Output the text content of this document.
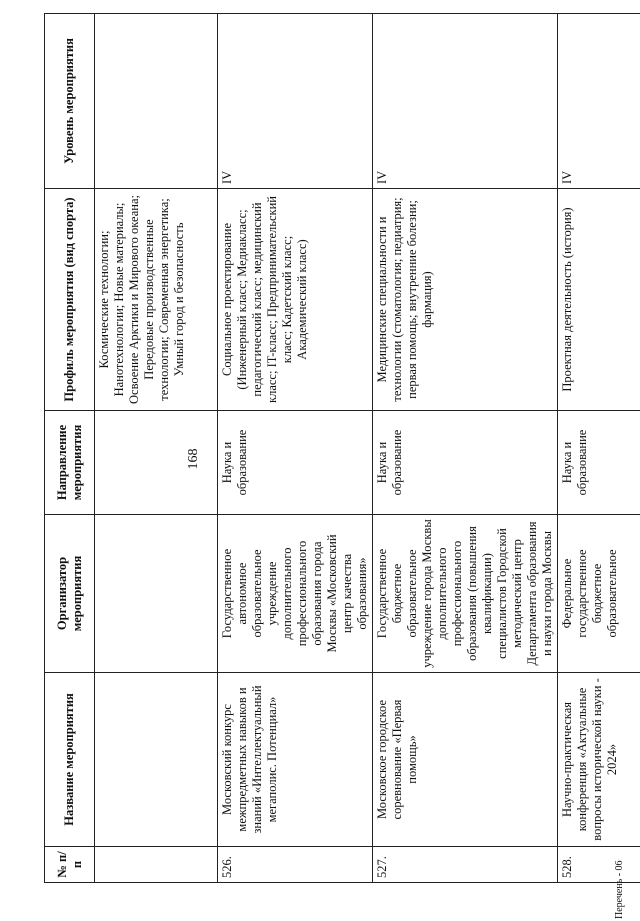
168
№ п/п	Название мероприятия	Организатор мероприятия	Направление мероприятия	Профиль мероприятия (вид спорта)	Уровень мероприятия
				Космические технологии; Нанотехнологии; Новые материалы; Освоение Арктики и Мирового океана; Передовые производственные технологии; Современная энергетика; Умный город и безопасность	
526.	Московский конкурс межпредметных навыков и знаний «Интеллектуальный мегаполис. Потенциал»	Государственное автономное образовательное учреждение дополнительного профессионального образования города Москвы «Московский центр качества образования»	Наука и образование	Социальное проектирование (Инженерный класс; Медиакласс; педагогический класс; медицинский класс; IT-класс; Предпринимательский класс; Кадетский класс; Академический класс)	IV
527.	Московское городское соревнование «Первая помощь»	Государственное бюджетное образовательное учреждение города Москвы дополнительного профессионального образования (повышения квалификации) специалистов Городской методический центр Департамента образования и науки города Москвы	Наука и образование	Медицинские специальности и технологии (стоматология; педиатрия; первая помощь; внутренние болезни; фармация)	IV
528.	Научно-практическая конференция «Актуальные вопросы исторической науки - 2024»	Федеральное государственное бюджетное образовательное	Наука и образование	Проектная деятельность (история)	IV
Перечень - 06
